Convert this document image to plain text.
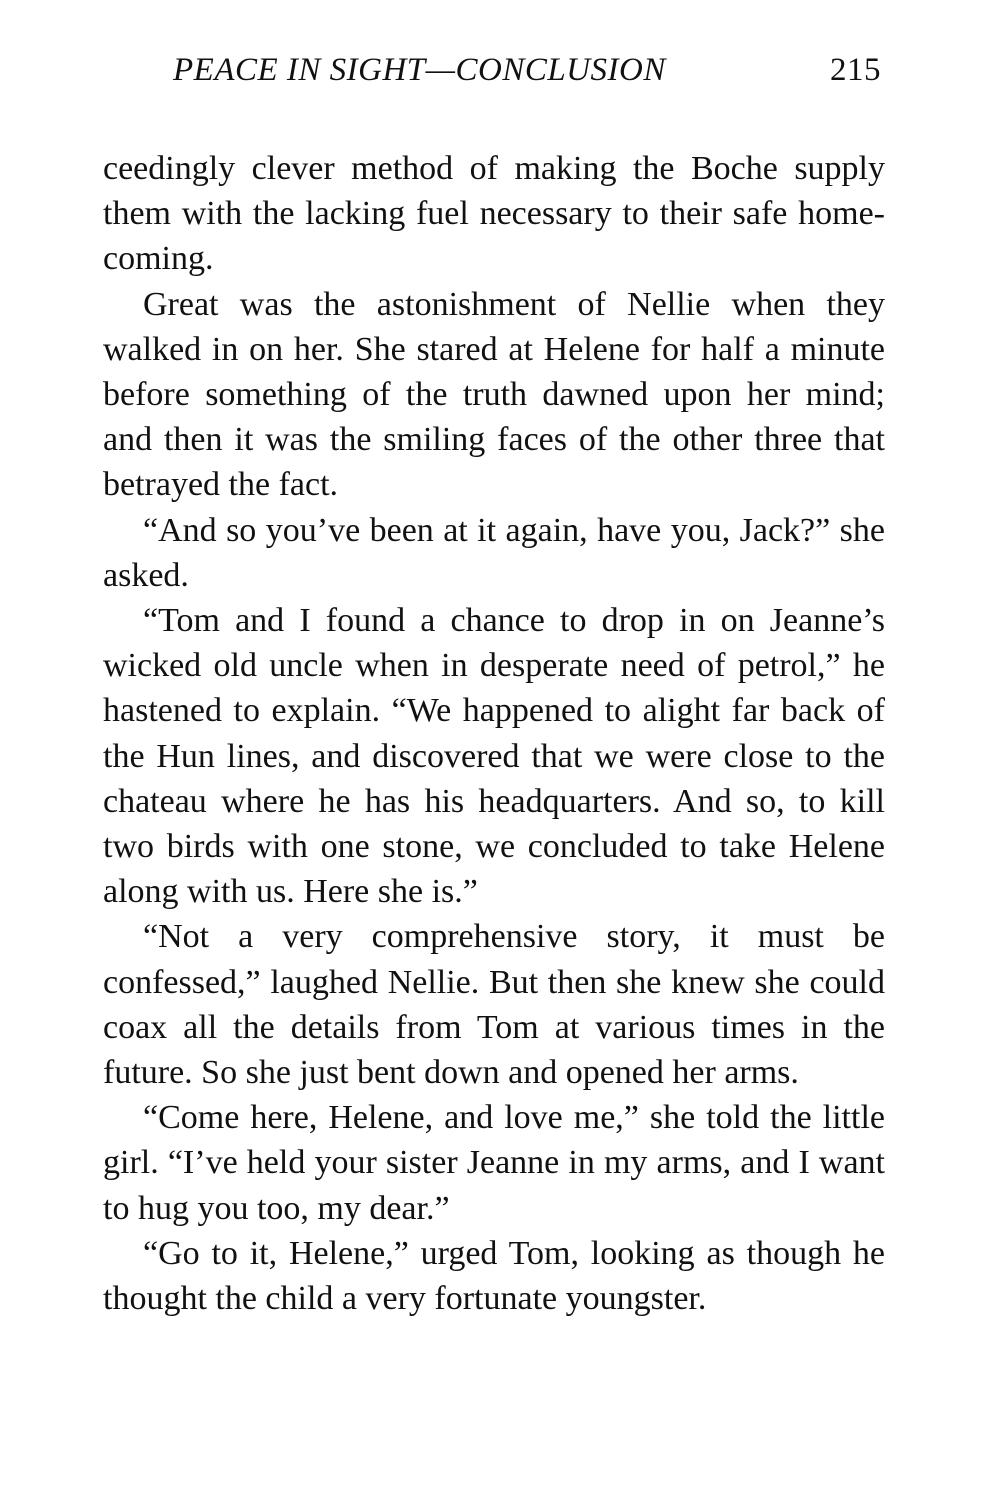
PEACE IN SIGHT—CONCLUSION	215

ceedingly clever method of making the Boche supply them with the lacking fuel necessary to their safe home-coming.

Great was the astonishment of Nellie when they walked in on her. She stared at Helene for half a minute before something of the truth dawned upon her mind; and then it was the smiling faces of the other three that betrayed the fact.

“And so you’ve been at it again, have you, Jack?” she asked.

“Tom and I found a chance to drop in on Jeanne’s wicked old uncle when in desperate need of petrol,” he hastened to explain. “We happened to alight far back of the Hun lines, and discovered that we were close to the chateau where he has his headquarters. And so, to kill two birds with one stone, we concluded to take Helene along with us. Here she is.”

“Not a very comprehensive story, it must be confessed,” laughed Nellie. But then she knew she could coax all the details from Tom at various times in the future. So she just bent down and opened her arms.

“Come here, Helene, and love me,” she told the little girl. “I’ve held your sister Jeanne in my arms, and I want to hug you too, my dear.”

“Go to it, Helene,” urged Tom, looking as though he thought the child a very fortunate youngster.
